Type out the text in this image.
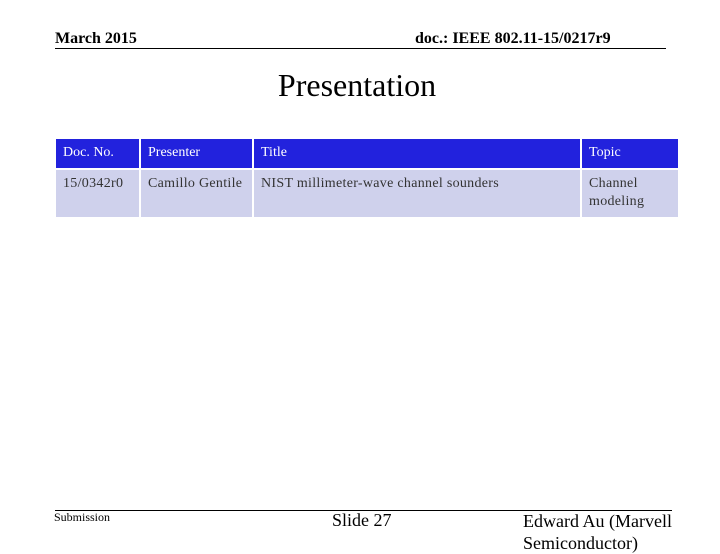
March 2015	doc.: IEEE 802.11-15/0217r9
Presentation
Doc. No.	Presenter	Title	Topic
15/0342r0	Camillo Gentile	NIST millimeter-wave channel sounders	Channel modeling
Submission	Slide 27	Edward Au (Marvell Semiconductor)
